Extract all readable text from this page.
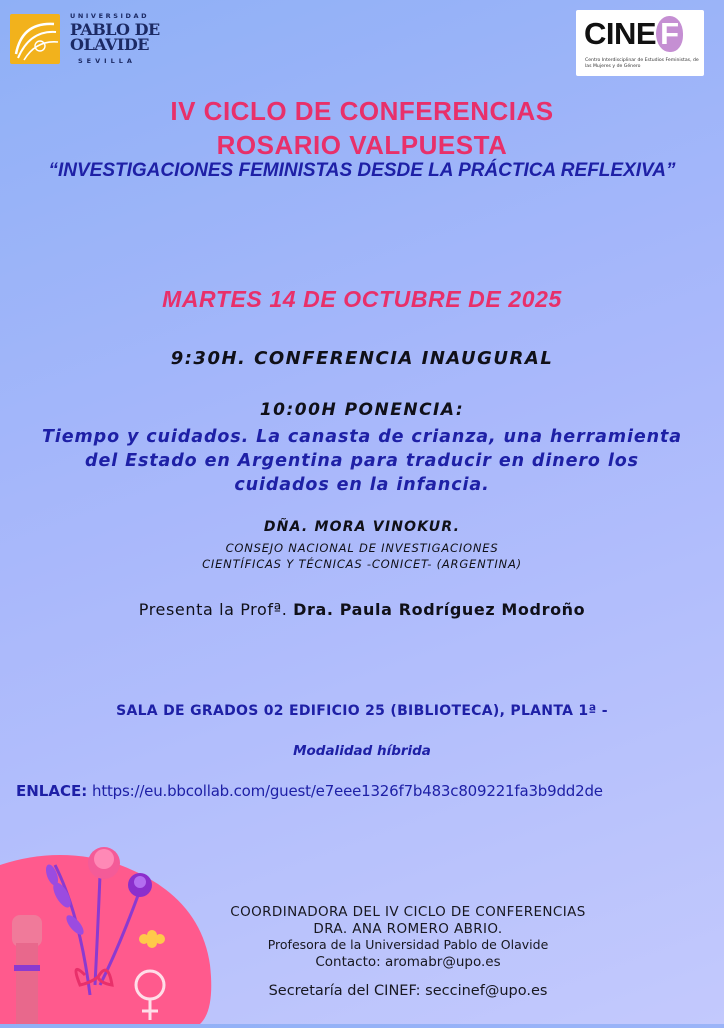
UNIVERSIDAD
PABLO DE
OLAVIDE
SEVILLA
CINE F
Centro Interdisciplinar de Estudios Feministas, de las Mujeres y de Género
IV CICLO DE CONFERENCIAS
ROSARIO VALPUESTA
“INVESTIGACIONES FEMINISTAS DESDE LA PRÁCTICA REFLEXIVA”
MARTES 14 DE OCTUBRE DE 2025
9:30H. CONFERENCIA INAUGURAL
10:00H PONENCIA:
Tiempo y cuidados. La canasta de crianza, una herramienta del Estado en Argentina para traducir en dinero los cuidados en la infancia.
DÑA. MORA VINOKUR.
CONSEJO NACIONAL DE INVESTIGACIONES
CIENTÍFICAS Y TÉCNICAS -CONICET- (ARGENTINA)
Presenta la Profª. Dra. Paula Rodríguez Modroño
SALA DE GRADOS 02 EDIFICIO 25 (BIBLIOTECA), PLANTA 1ª -
Modalidad híbrida
ENLACE: https://eu.bbcollab.com/guest/e7eee1326f7b483c809221fa3b9dd2de
COORDINADORA DEL IV CICLO DE CONFERENCIAS
DRA. ANA ROMERO ABRIO.
Profesora de la Universidad Pablo de Olavide
Contacto: aromabr@upo.es
Secretaría del CINEF: seccinef@upo.es
